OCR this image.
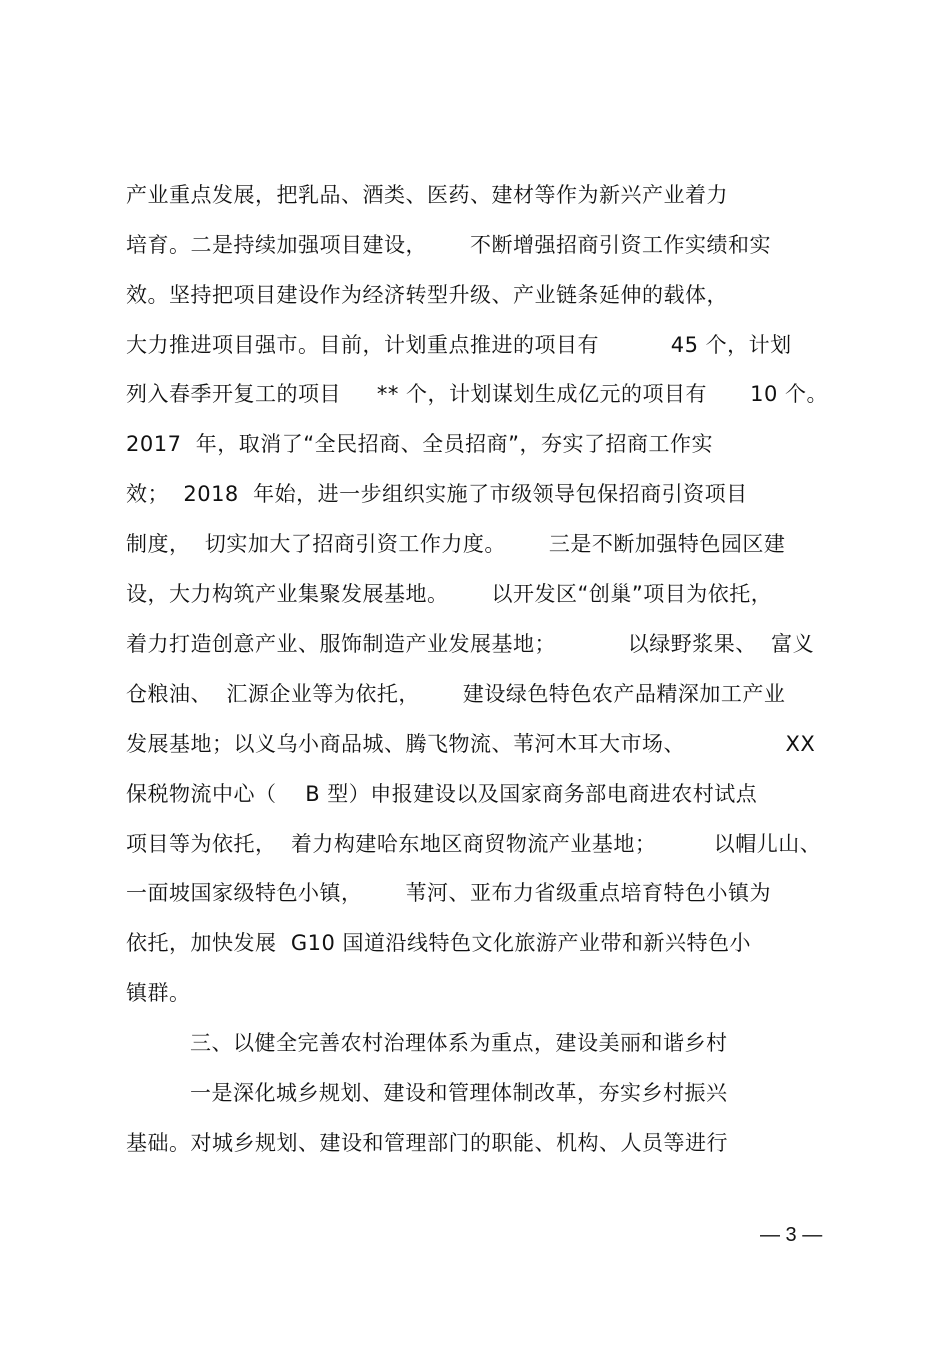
产业重点发展，把乳品、酒类、医药、建材等作为新兴产业着力
培育。二是持续加强项目建设，      不断增强招商引资工作实绩和实
效。坚持把项目建设作为经济转型升级、产业链条延伸的载体，
大力推进项目强市。目前，计划重点推进的项目有          45 个，计划
列入春季开复工的项目     ** 个，计划谋划生成亿元的项目有      10 个。
2017  年，取消了“全民招商、全员招商”，夯实了招商工作实
效；  2018  年始，进一步组织实施了市级领导包保招商引资项目
制度，  切实加大了招商引资工作力度。      三是不断加强特色园区建
设，大力构筑产业集聚发展基地。      以开发区“创巢”项目为依托，
着力打造创意产业、服饰制造产业发展基地；          以绿野浆果、  富义
仓粮油、  汇源企业等为依托，      建设绿色特色农产品精深加工产业
发展基地；以义乌小商品城、腾飞物流、苇河木耳大市场、              XX
保税物流中心（    B 型）申报建设以及国家商务部电商进农村试点
项目等为依托，  着力构建哈东地区商贸物流产业基地；        以帽儿山、
一面坡国家级特色小镇，      苇河、亚布力省级重点培育特色小镇为
依托，加快发展  G10 国道沿线特色文化旅游产业带和新兴特色小
镇群。
三、以健全完善农村治理体系为重点，建设美丽和谐乡村
一是深化城乡规划、建设和管理体制改革，夯实乡村振兴
基础。对城乡规划、建设和管理部门的职能、机构、人员等进行
— 3 —
